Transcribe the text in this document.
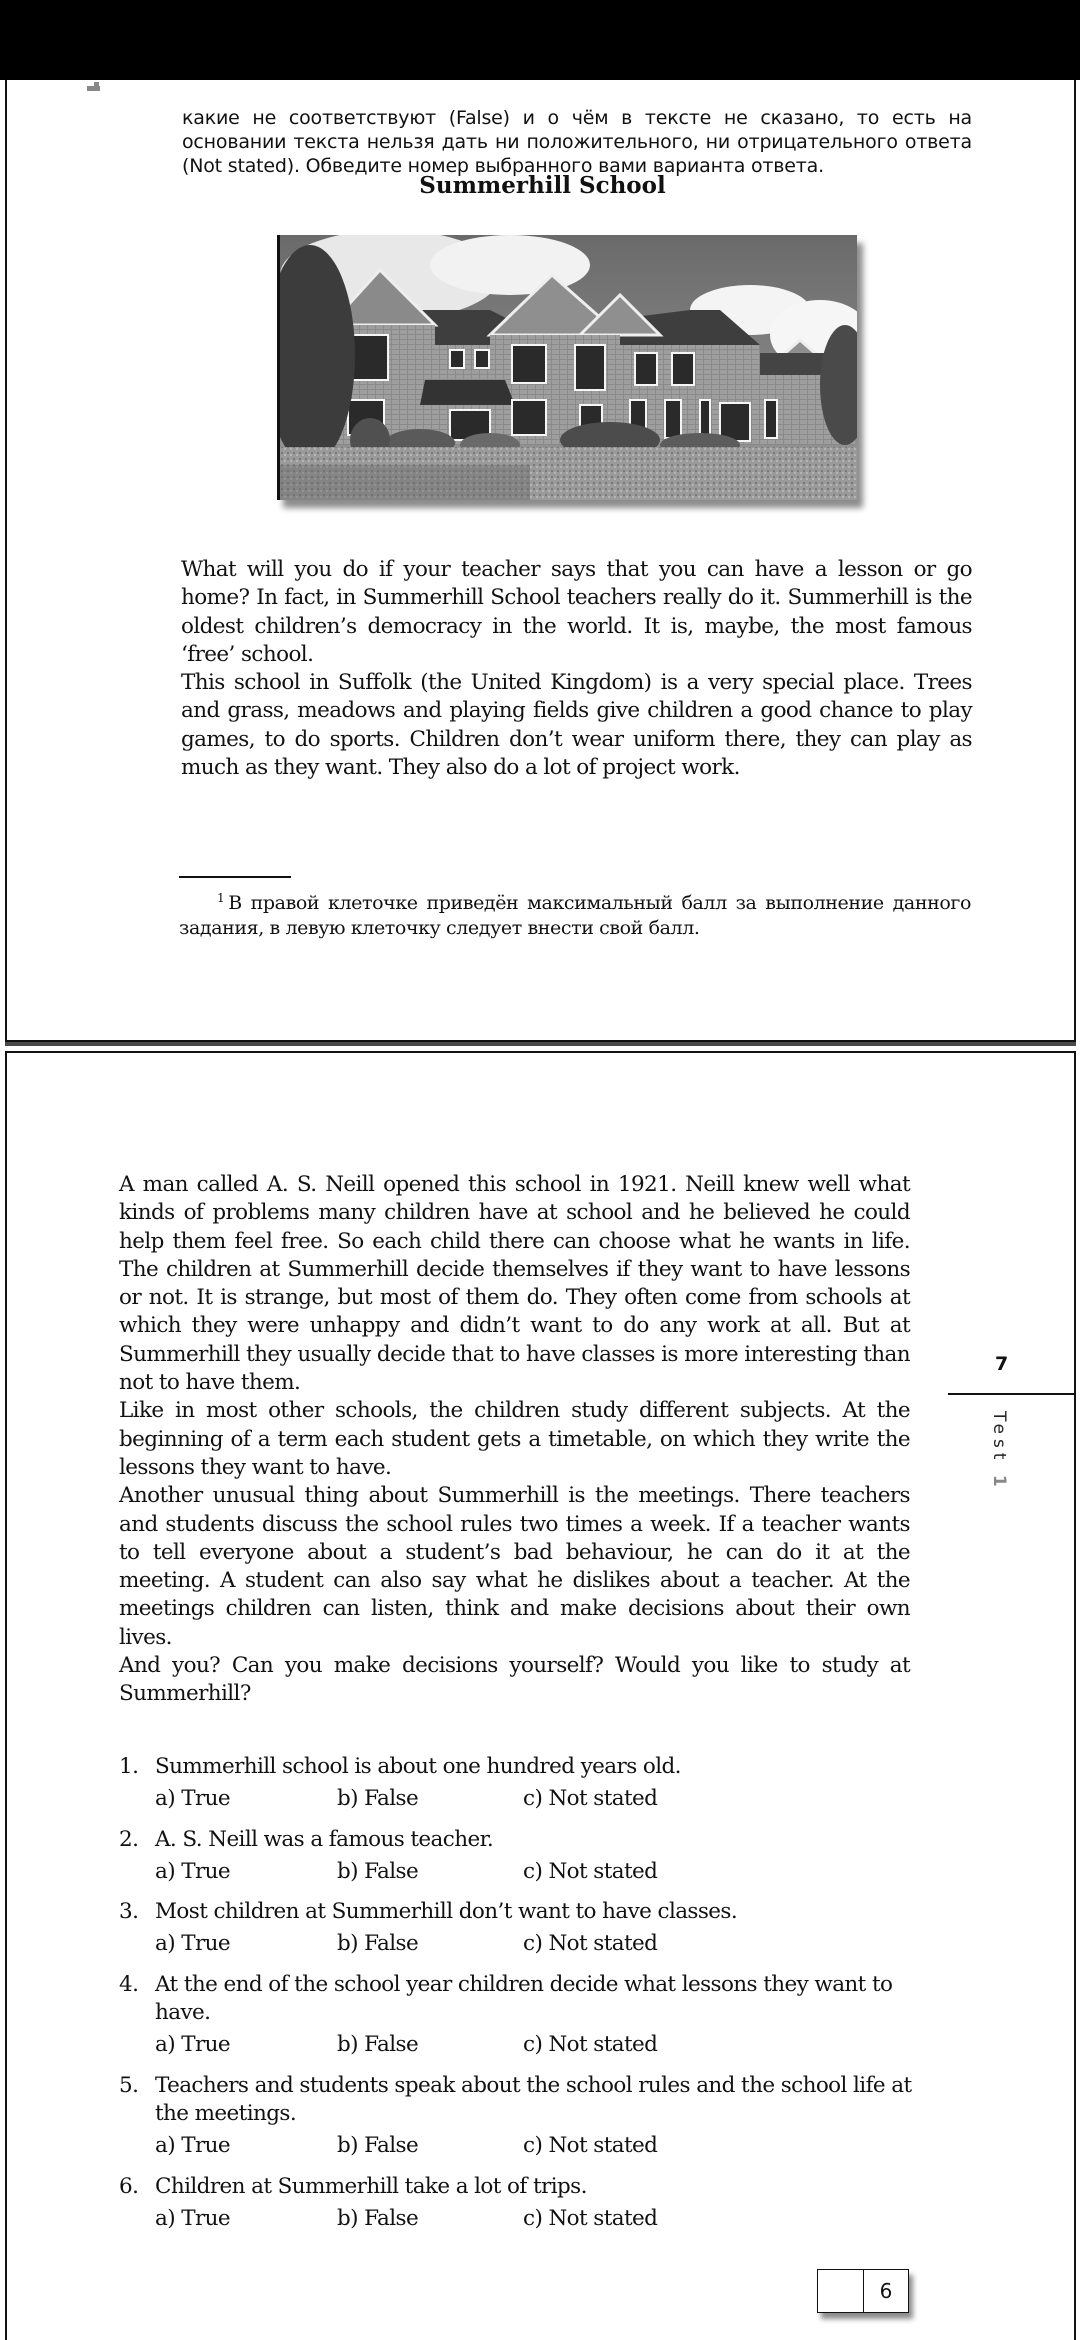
какие не соответствуют (False) и о чём в тексте не сказано, то есть на основании текста нельзя дать ни положительного, ни отрицательного ответа (Not stated). Обведите номер выбранного вами варианта ответа.

Summerhill School

What will you do if your teacher says that you can have a lesson or go home? In fact, in Summerhill School teachers really do it. Summerhill is the oldest children’s democracy in the world. It is, maybe, the most famous ‘free’ school.

This school in Suffolk (the United Kingdom) is a very special place. Trees and grass, meadows and playing fields give children a good chance to play games, to do sports. Children don’t wear uniform there, they can play as much as they want. They also do a lot of project work.

$^1$ В правой клеточке приведён максимальный балл за выполнение данного задания, в левую клеточку следует внести свой балл.

A man called A. S. Neill opened this school in 1921. Neill knew well what kinds of problems many children have at school and he believed he could help them feel free. So each child there can choose what he wants in life. The children at Summerhill decide themselves if they want to have lessons or not. It is strange, but most of them do. They often come from schools at which they were unhappy and didn’t want to do any work at all. But at Summerhill they usually decide that to have classes is more interesting than not to have them.

Like in most other schools, the children study different subjects. At the beginning of a term each student gets a timetable, on which they write the lessons they want to have.

Another unusual thing about Summerhill is the meetings. There teachers and students discuss the school rules two times a week. If a teacher wants to tell everyone about a student’s bad behaviour, he can do it at the meeting. A student can also say what he dislikes about a teacher. At the meetings children can listen, think and make decisions about their own lives.

And you? Can you make decisions yourself? Would you like to study at Summerhill?

7
Test 1
1. Summerhill school is about one hundred years old.
a) True	b) False	c) Not stated
2. A. S. Neill was a famous teacher.
a) True	b) False	c) Not stated
3. Most children at Summerhill don’t want to have classes.
a) True	b) False	c) Not stated
4. At the end of the school year children decide what lessons they want to have.
a) True	b) False	c) Not stated
5. Teachers and students speak about the school rules and the school life at the meetings.
a) True	b) False	c) Not stated
6. Children at Summerhill take a lot of trips.
a) True	b) False	c) Not stated
6
